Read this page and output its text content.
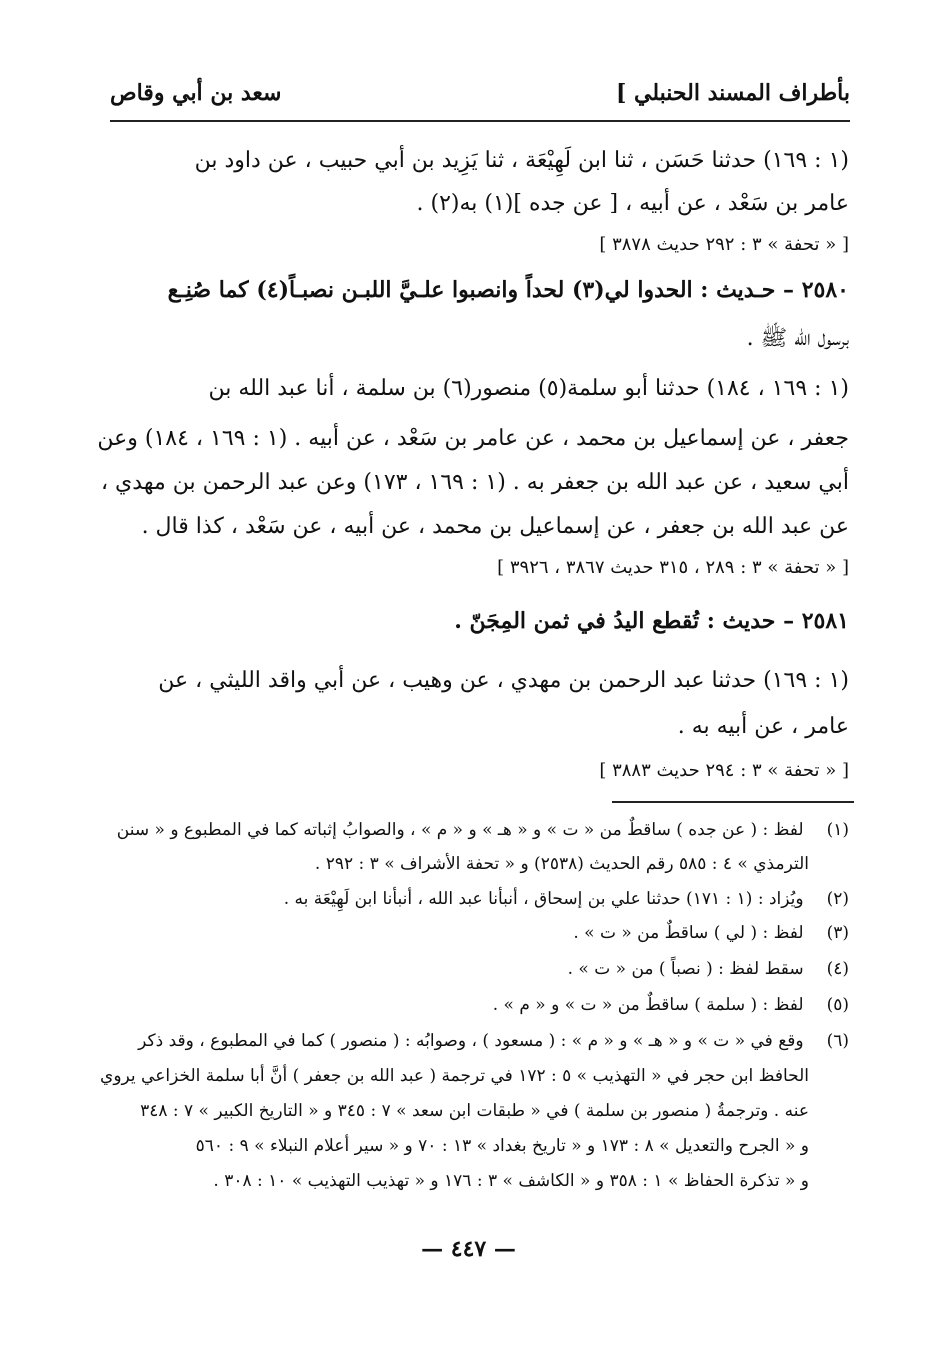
بأطراف المسند الحنبلي ]
سعد بن أبي وقاص
(١ : ١٦٩) حدثنا حَسَن ، ثنا ابن لَهِيْعَة ، ثنا يَزِيد بن أبي حبيب ، عن داود بن
عامر بن سَعْد ، عن أبيه ، [ عن جده ](١) به(٢) .
[ « تحفة » ٣ : ٢٩٢ حديث ٣٨٧٨ ]
٢٥٨٠ – حـديث : الحدوا لي(٣) لحداً وانصبوا علـيَّ اللبـن نصبـاً(٤) كما صُنِـع
برسول الله ﷺ .
(١ : ١٦٩ ، ١٨٤) حدثنا أبو سلمة(٥) منصور(٦) بن سلمة ، أنا عبد الله بن
جعفر ، عن إسماعيل بن محمد ، عن عامر بن سَعْد ، عن أبيه . (١ : ١٦٩ ، ١٨٤) وعن
أبي سعيد ، عن عبد الله بن جعفر به . (١ : ١٦٩ ، ١٧٣) وعن عبد الرحمن بن مهدي ،
عن عبد الله بن جعفر ، عن إسماعيل بن محمد ، عن أبيه ، عن سَعْد ، كذا قال .
[ « تحفة » ٣ : ٢٨٩ ، ٣١٥ حديث ٣٨٦٧ ، ٣٩٢٦ ]
٢٥٨١ – حديث : تُقطع اليدُ في ثمن المِجَنّ .
(١ : ١٦٩) حدثنا عبد الرحمن بن مهدي ، عن وهيب ، عن أبي واقد الليثي ، عن
عامر ، عن أبيه به .
[ « تحفة » ٣ : ٢٩٤ حديث ٣٨٨٣ ]
(١) لفظ : ( عن جده ) ساقطٌ من « ت » و « هـ » و « م » ، والصوابُ إثباته كما في المطبوع و « سنن
الترمذي » ٤ : ٥٨٥ رقم الحديث (٢٥٣٨) و « تحفة الأشراف » ٣ : ٢٩٢ .
(٢) ويُزاد : (١ : ١٧١) حدثنا علي بن إسحاق ، أنبأنا عبد الله ، أنبأنا ابن لَهِيْعَة به .
(٣) لفظ : ( لي ) ساقطٌ من « ت » .
(٤) سقط لفظ : ( نصباً ) من « ت » .
(٥) لفظ : ( سلمة ) ساقطٌ من « ت » و « م » .
(٦) وقع في « ت » و « هـ » و « م » : ( مسعود ) ، وصوابُه : ( منصور ) كما في المطبوع ، وقد ذكر
الحافظ ابن حجر في « التهذيب » ٥ : ١٧٢ في ترجمة ( عبد الله بن جعفر ) أنَّ أبا سلمة الخزاعي يروي
عنه . وترجمةُ ( منصور بن سلمة ) في « طبقات ابن سعد » ٧ : ٣٤٥ و « التاريخ الكبير » ٧ : ٣٤٨
و « الجرح والتعديل » ٨ : ١٧٣ و « تاريخ بغداد » ١٣ : ٧٠ و « سير أعلام النبلاء » ٩ : ٥٦٠
و « تذكرة الحفاظ » ١ : ٣٥٨ و « الكاشف » ٣ : ١٧٦ و « تهذيب التهذيب » ١٠ : ٣٠٨ .
— ٤٤٧ —
